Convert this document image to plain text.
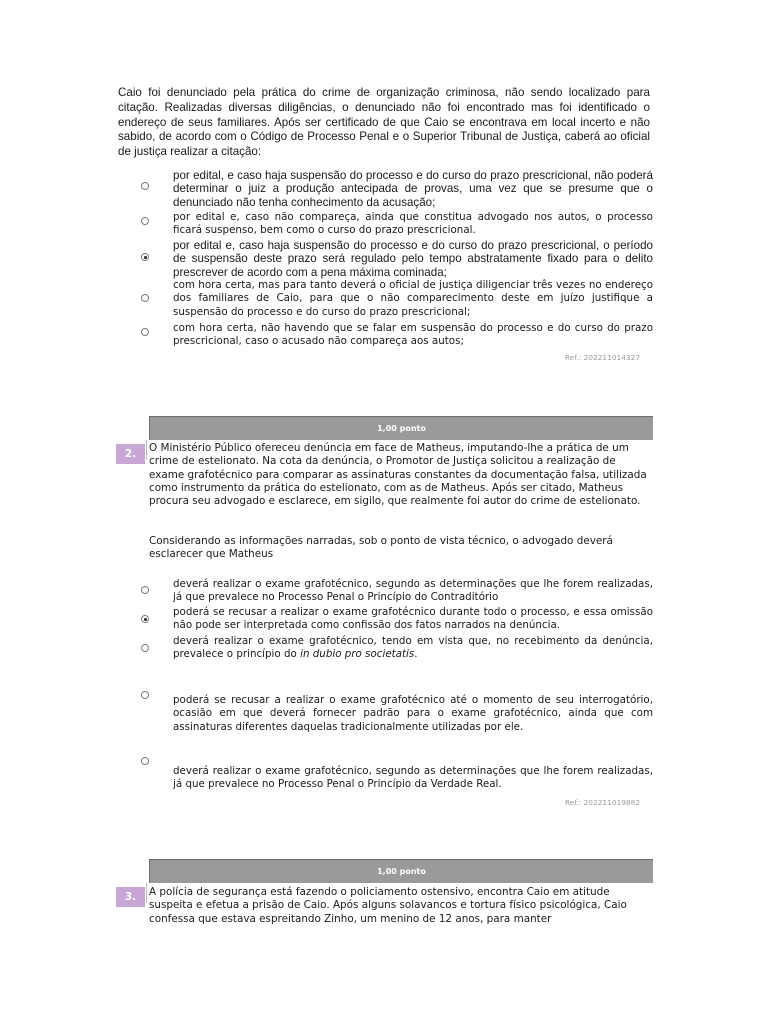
Caio foi denunciado pela prática do crime de organização criminosa, não sendo localizado para citação. Realizadas diversas diligências, o denunciado não foi encontrado mas foi identificado o endereço de seus familiares. Após ser certificado de que Caio se encontrava em local incerto e não sabido, de acordo com o Código de Processo Penal e o Superior Tribunal de Justiça, caberá ao oficial de justiça realizar a citação:
por edital, e caso haja suspensão do processo e do curso do prazo prescricional, não poderá determinar o juiz a produção antecipada de provas, uma vez que se presume que o denunciado não tenha conhecimento da acusação;
por edital e, caso não compareça, ainda que constitua advogado nos autos, o processo ficará suspenso, bem como o curso do prazo prescricional.
por edital e, caso haja suspensão do processo e do curso do prazo prescricional, o período de suspensão deste prazo será regulado pelo tempo abstratamente fixado para o delito prescrever de acordo com a pena máxima cominada;
com hora certa, mas para tanto deverá o oficial de justiça diligenciar três vezes no endereço dos familiares de Caio, para que o não comparecimento deste em juízo justifique a suspensão do processo e do curso do prazo prescricional;
com hora certa, não havendo que se falar em suspensão do processo e do curso do prazo prescricional, caso o acusado não compareça aos autos;
Ref.: 202211014327
1,00 ponto
2.	O Ministério Público ofereceu denúncia em face de Matheus, imputando-lhe a prática de um crime de estelionato. Na cota da denúncia, o Promotor de Justiça solicitou a realização de exame grafotécnico para comparar as assinaturas constantes da documentação falsa, utilizada como instrumento da prática do estelionato, com as de Matheus. Após ser citado, Matheus procura seu advogado e esclarece, em sigilo, que realmente foi autor do crime de estelionato.
Considerando as informações narradas, sob o ponto de vista técnico, o advogado deverá esclarecer que Matheus
deverá realizar o exame grafotécnico, segundo as determinações que lhe forem realizadas, já que prevalece no Processo Penal o Princípio do Contraditório
poderá se recusar a realizar o exame grafotécnico durante todo o processo, e essa omissão não pode ser interpretada como confissão dos fatos narrados na denúncia.
deverá realizar o exame grafotécnico, tendo em vista que, no recebimento da denúncia, prevalece o princípio do in dubio pro societatis.
poderá se recusar a realizar o exame grafotécnico até o momento de seu interrogatório, ocasião em que deverá fornecer padrão para o exame grafotécnico, ainda que com assinaturas diferentes daquelas tradicionalmente utilizadas por ele.
deverá realizar o exame grafotécnico, segundo as determinações que lhe forem realizadas, já que prevalece no Processo Penal o Princípio da Verdade Real.
Ref.: 202211019882
1,00 ponto
3.	A polícia de segurança está fazendo o policiamento ostensivo, encontra Caio em atitude suspeita e efetua a prisão de Caio. Após alguns solavancos e tortura físico psicológica, Caio confessa que estava espreitando Zinho, um menino de 12 anos, para manter
